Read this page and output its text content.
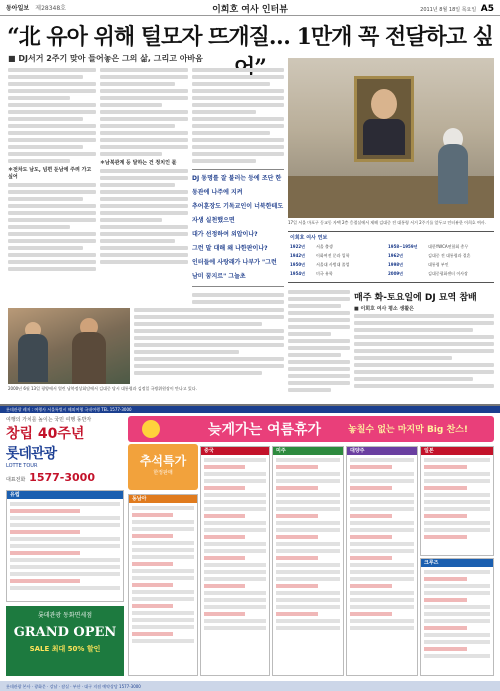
동아일보 제28348호	이희호 여사 인터뷰	2011년 8월 18일 목요일 A5
“北 유아 위해 털모자 뜨개질… 1만개 꼭 전달하고 싶
■ DJ서거 2주기 맞아 들어놓은 그의 삶, 그리고 아바옴
＊전차도 남도, 넘편 둔남에 주려 가고 싶어
＊남북관계 등 달하는 건 정치인 몫
DJ 동명를 잘 불러는 등에 조단 한동관에 나주에 지켜
추어훈장도 기독교인이 너북한테도 자생 실천했으면
대가 선정하여 외압이나?
그런 말 대해 왜 나한판이나?
인터들에 사랑래가 나부가 "그런 남미 꿈지르" 그놀초
17일 서울 마포구 동교동 자택 2층 응접실에서 제해 김대중 전 대통령 서거 2주기를 앞두고 인터뷰한 이희호 여사.
이희호 여사 연보
1922년	서울 출생	1958~1959년	대한YWCA연합회 총무
1942년	이화여전 문과 입학	1962년	김대중 전 대통령과 결혼
1950년	서울대 사범대 졸업	1998년	대통령 부인
1954년	미국 유학	2009년	김대중평화센터 이사장
매주 화-토요일에 DJ 묘역 참배
■ 이희호 여사 평소 생활은
2000년 6월 13일 평양에서 열린 남북정상회담에서 김대중 당시 대통령과 김정일 국방위원장이 만나고 있다.
롯데관광 레저 : 여행사 서울특별시 해외여행 국내여행 TEL 1577-3000
여행의 가치를 높이는 국민 여행 동반자
창립 40주년
롯데관광
LOTTE TOUR
대표전화 1577-3000
늦게가는 여름휴가	놓칠수 없는 마지막 Big 찬스!
추석특가
한정판매
유럽
중국
동남아
미주	대양주	일본
크루즈
롯데관광 동화면세점
GRAND OPEN
SALE 최대 50% 할인
롯데관광 본사 · 광화문 · 강남 · 잠실 · 부산 · 대구 지점 예약상담 1577-3000
